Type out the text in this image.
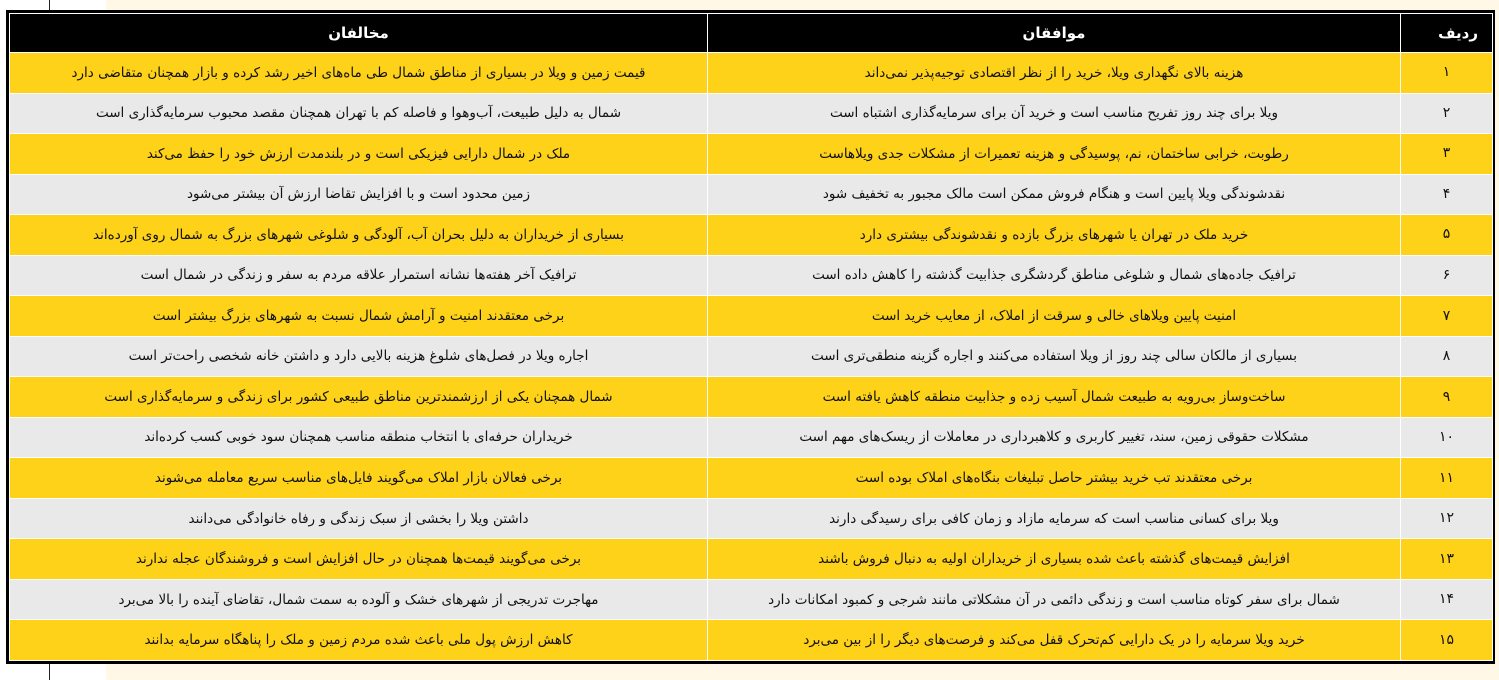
ردیف	موافقان	مخالفان
۱	هزینه بالای نگهداری ویلا، خرید را از نظر اقتصادی توجیه‌پذیر نمی‌داند	قیمت زمین و ویلا در بسیاری از مناطق شمال طی ماه‌های اخیر رشد کرده و بازار همچنان متقاضی دارد
۲	ویلا برای چند روز تفریح مناسب است و خرید آن برای سرمایه‌گذاری اشتباه است	شمال به دلیل طبیعت، آب‌وهوا و فاصله کم با تهران همچنان مقصد محبوب سرمایه‌گذاری است
۳	رطوبت، خرابی ساختمان، نم، پوسیدگی و هزینه تعمیرات از مشکلات جدی ویلاهاست	ملک در شمال دارایی فیزیکی است و در بلندمدت ارزش خود را حفظ می‌کند
۴	نقدشوندگی ویلا پایین است و هنگام فروش ممکن است مالک مجبور به تخفیف شود	زمین محدود است و با افزایش تقاضا ارزش آن بیشتر می‌شود
۵	خرید ملک در تهران یا شهرهای بزرگ بازده و نقدشوندگی بیشتری دارد	بسیاری از خریداران به دلیل بحران آب، آلودگی و شلوغی شهرهای بزرگ به شمال روی آورده‌اند
۶	ترافیک جاده‌های شمال و شلوغی مناطق گردشگری جذابیت گذشته را کاهش داده است	ترافیک آخر هفته‌ها نشانه استمرار علاقه مردم به سفر و زندگی در شمال است
۷	امنیت پایین ویلاهای خالی و سرقت از املاک، از معایب خرید است	برخی معتقدند امنیت و آرامش شمال نسبت به شهرهای بزرگ بیشتر است
۸	بسیاری از مالکان سالی چند روز از ویلا استفاده می‌کنند و اجاره گزینه منطقی‌تری است	اجاره ویلا در فصل‌های شلوغ هزینه بالایی دارد و داشتن خانه شخصی راحت‌تر است
۹	ساخت‌وساز بی‌رویه به طبیعت شمال آسیب زده و جذابیت منطقه کاهش یافته است	شمال همچنان یکی از ارزشمندترین مناطق طبیعی کشور برای زندگی و سرمایه‌گذاری است
۱۰	مشکلات حقوقی زمین، سند، تغییر کاربری و کلاهبرداری در معاملات از ریسک‌های مهم است	خریداران حرفه‌ای با انتخاب منطقه مناسب همچنان سود خوبی کسب کرده‌اند
۱۱	برخی معتقدند تب خرید بیشتر حاصل تبلیغات بنگاه‌های املاک بوده است	برخی فعالان بازار املاک می‌گویند فایل‌های مناسب سریع معامله می‌شوند
۱۲	ویلا برای کسانی مناسب است که سرمایه مازاد و زمان کافی برای رسیدگی دارند	داشتن ویلا را بخشی از سبک زندگی و رفاه خانوادگی می‌دانند
۱۳	افزایش قیمت‌های گذشته باعث شده بسیاری از خریداران اولیه به دنبال فروش باشند	برخی می‌گویند قیمت‌ها همچنان در حال افزایش است و فروشندگان عجله ندارند
۱۴	شمال برای سفر کوتاه مناسب است و زندگی دائمی در آن مشکلاتی مانند شرجی و کمبود امکانات دارد	مهاجرت تدریجی از شهرهای خشک و آلوده به سمت شمال، تقاضای آینده را بالا می‌برد
۱۵	خرید ویلا سرمایه را در یک دارایی کم‌تحرک قفل می‌کند و فرصت‌های دیگر را از بین می‌برد	کاهش ارزش پول ملی باعث شده مردم زمین و ملک را پناهگاه سرمایه بدانند
